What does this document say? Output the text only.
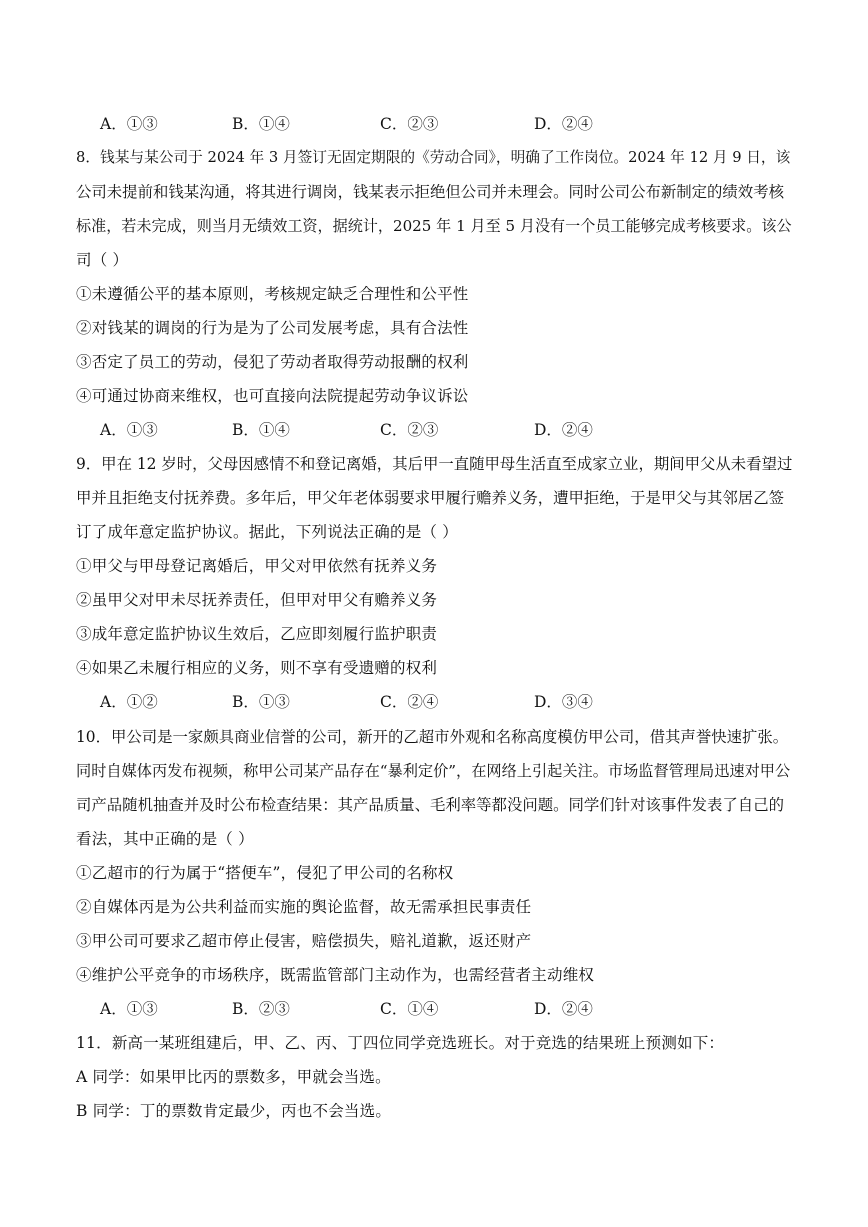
A．①③	B．①④	C．②③	D．②④
8．钱某与某公司于 2024 年 3 月签订无固定期限的《劳动合同》，明确了工作岗位。2024 年 12 月 9 日，该
公司未提前和钱某沟通，将其进行调岗，钱某表示拒绝但公司并未理会。同时公司公布新制定的绩效考核
标准，若未完成，则当月无绩效工资，据统计，2025 年 1 月至 5 月没有一个员工能够完成考核要求。该公
司（ ）
①未遵循公平的基本原则，考核规定缺乏合理性和公平性
②对钱某的调岗的行为是为了公司发展考虑，具有合法性
③否定了员工的劳动，侵犯了劳动者取得劳动报酬的权利
④可通过协商来维权，也可直接向法院提起劳动争议诉讼
A．①③	B．①④	C．②③	D．②④
9．甲在 12 岁时，父母因感情不和登记离婚，其后甲一直随甲母生活直至成家立业，期间甲父从未看望过
甲并且拒绝支付抚养费。多年后，甲父年老体弱要求甲履行赡养义务，遭甲拒绝，于是甲父与其邻居乙签
订了成年意定监护协议。据此，下列说法正确的是（ ）
①甲父与甲母登记离婚后，甲父对甲依然有抚养义务
②虽甲父对甲未尽抚养责任，但甲对甲父有赡养义务
③成年意定监护协议生效后，乙应即刻履行监护职责
④如果乙未履行相应的义务，则不享有受遗赠的权利
A．①②	B．①③	C．②④	D．③④
10．甲公司是一家颇具商业信誉的公司，新开的乙超市外观和名称高度模仿甲公司，借其声誉快速扩张。
同时自媒体丙发布视频，称甲公司某产品存在“暴利定价”，在网络上引起关注。市场监督管理局迅速对甲公
司产品随机抽查并及时公布检查结果：其产品质量、毛利率等都没问题。同学们针对该事件发表了自己的
看法，其中正确的是（ ）
①乙超市的行为属于“搭便车”，侵犯了甲公司的名称权
②自媒体丙是为公共利益而实施的舆论监督，故无需承担民事责任
③甲公司可要求乙超市停止侵害，赔偿损失，赔礼道歉，返还财产
④维护公平竞争的市场秩序，既需监管部门主动作为，也需经营者主动维权
A．①③	B．②③	C．①④	D．②④
11．新高一某班组建后，甲、乙、丙、丁四位同学竞选班长。对于竞选的结果班上预测如下：
A 同学：如果甲比丙的票数多，甲就会当选。
B 同学：丁的票数肯定最少，丙也不会当选。
